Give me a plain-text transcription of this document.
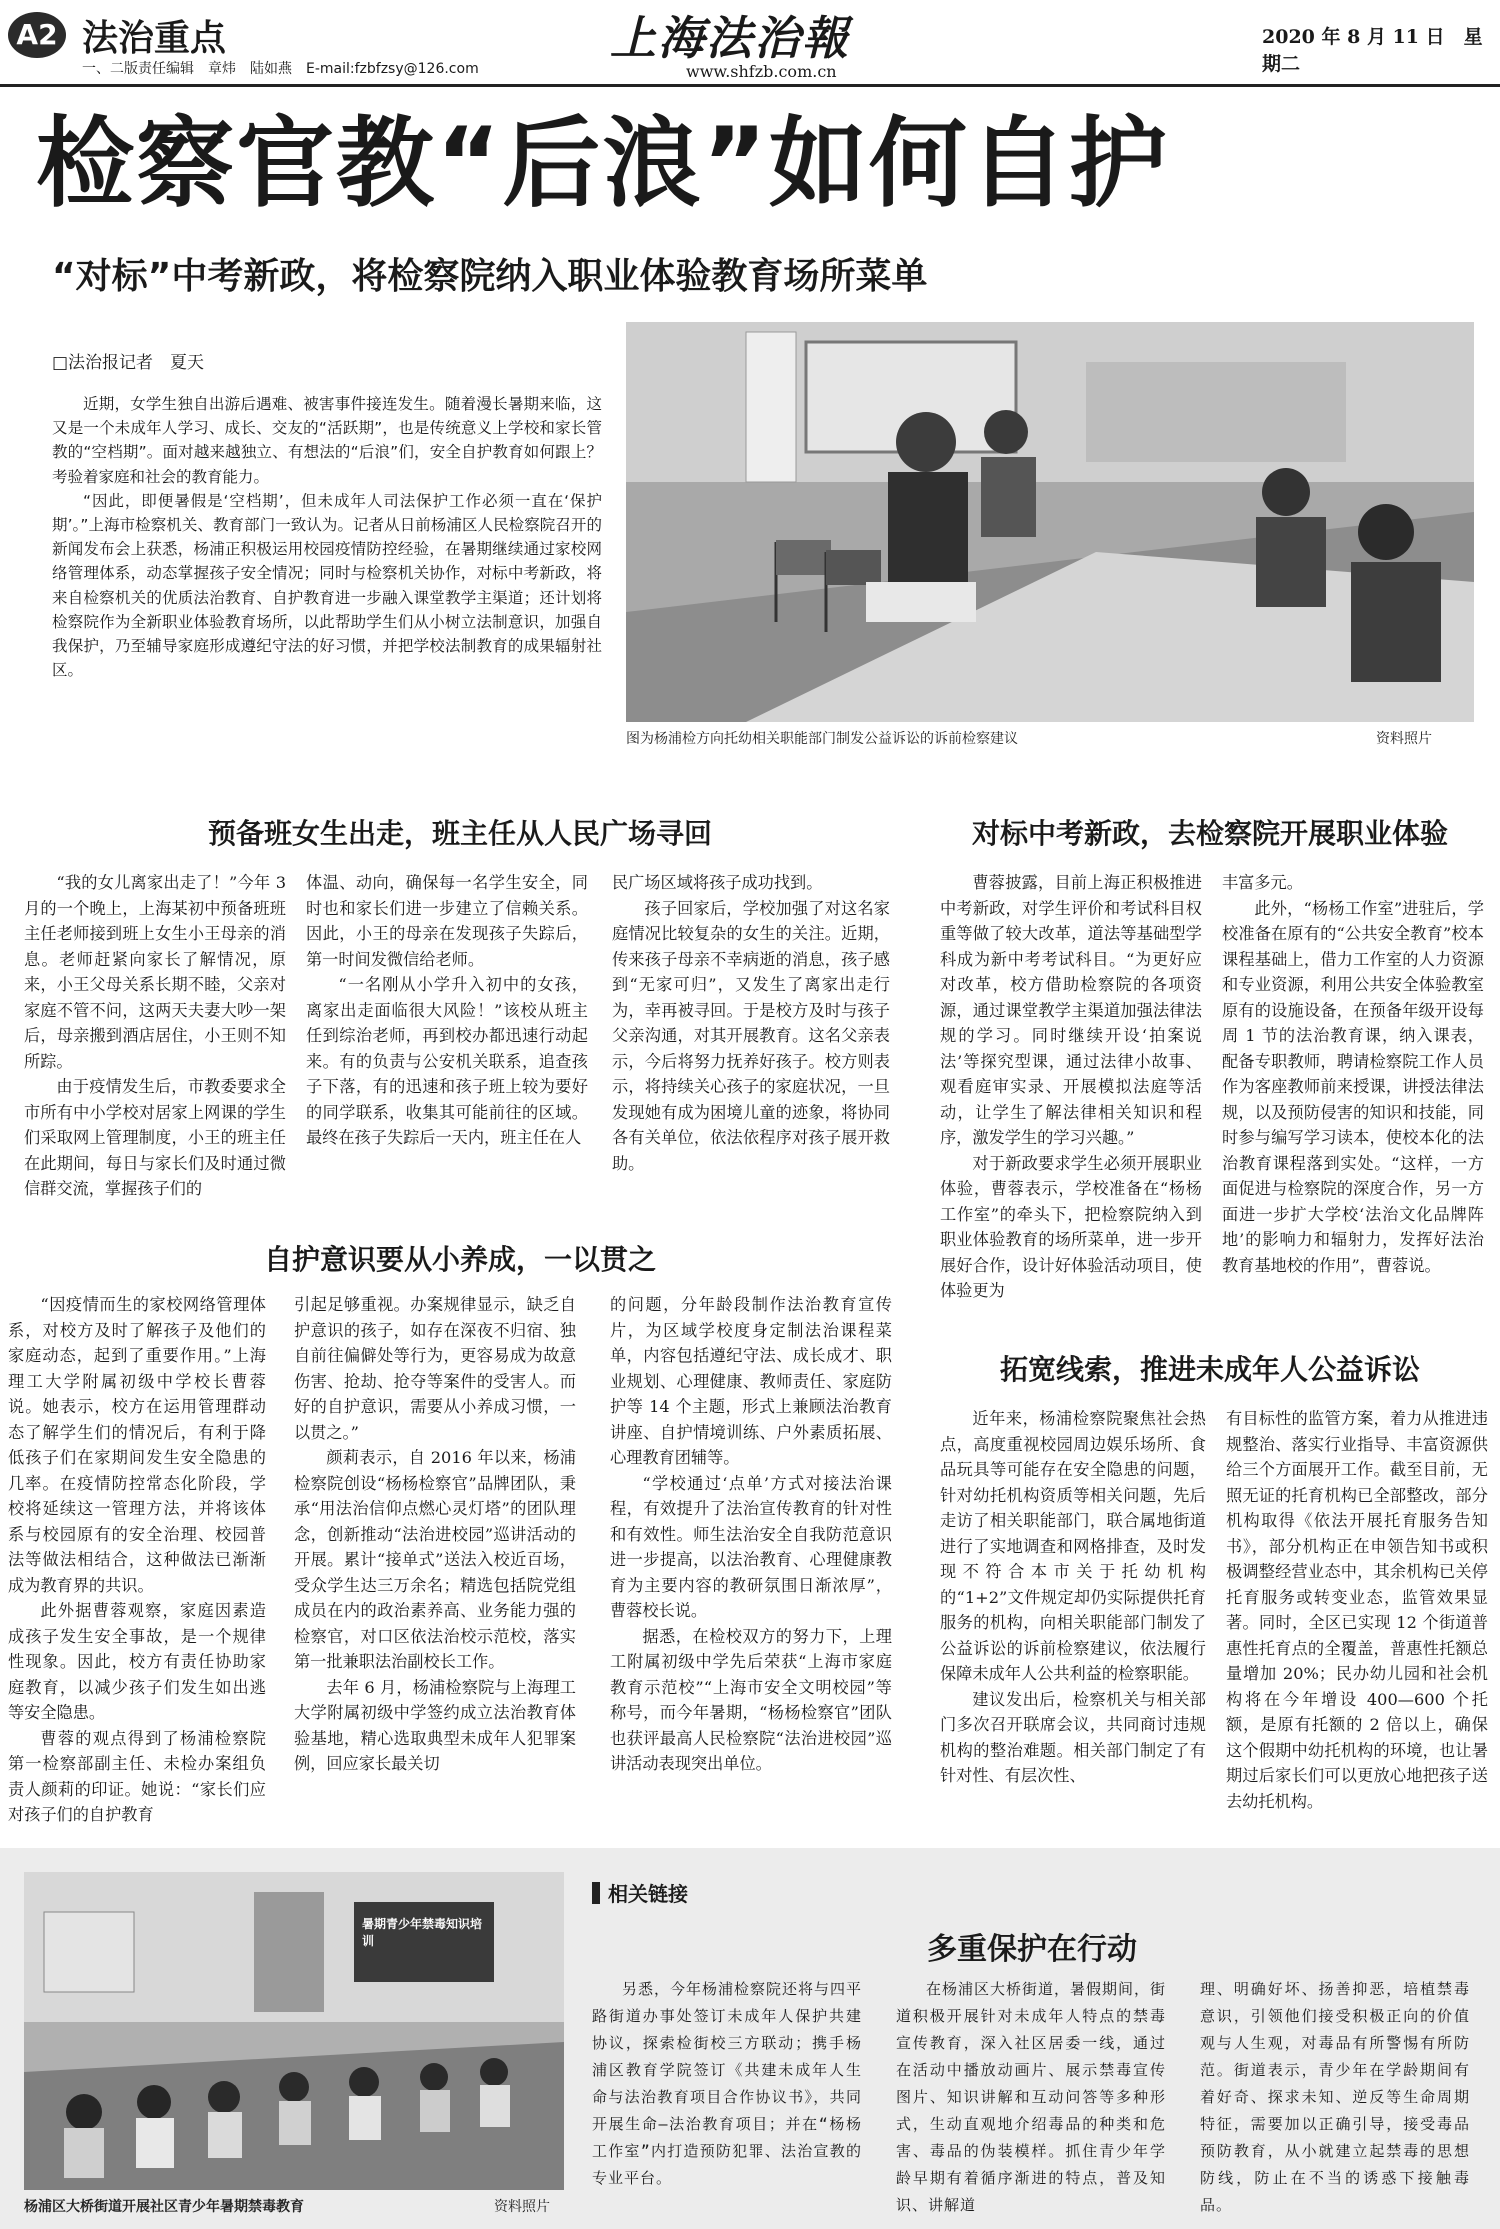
A2 法治重点
一、二版责任编辑　章炜　陆如燕　E-mail:fzbfzsy@126.com
上海法治報
www.shfzb.com.cn
2020 年 8 月 11 日　星期二
检察官教“后浪”如何自护
“对标”中考新政，将检察院纳入职业体验教育场所菜单
□法治报记者　夏天

近期，女学生独自出游后遇难、被害事件接连发生。随着漫长暑期来临，这又是一个未成年人学习、成长、交友的“活跃期”，也是传统意义上学校和家长管教的“空档期”。面对越来越独立、有想法的“后浪”们，安全自护教育如何跟上？考验着家庭和社会的教育能力。

“因此，即便暑假是‘空档期’，但未成年人司法保护工作必须一直在‘保护期’。”上海市检察机关、教育部门一致认为。记者从日前杨浦区人民检察院召开的新闻发布会上获悉，杨浦正积极运用校园疫情防控经验，在暑期继续通过家校网络管理体系，动态掌握孩子安全情况；同时与检察机关协作，对标中考新政，将来自检察机关的优质法治教育、自护教育进一步融入课堂教学主渠道；还计划将检察院作为全新职业体验教育场所，以此帮助学生们从小树立法制意识，加强自我保护，乃至辅导家庭形成遵纪守法的好习惯，并把学校法制教育的成果辐射社区。

图为杨浦检方向托幼相关职能部门制发公益诉讼的诉前检察建议	资料照片
预备班女生出走，班主任从人民广场寻回

“我的女儿离家出走了！”今年 3 月的一个晚上，上海某初中预备班班主任老师接到班上女生小王母亲的消息。老师赶紧向家长了解情况，原来，小王父母关系长期不睦，父亲对家庭不管不问，这两天夫妻大吵一架后，母亲搬到酒店居住，小王则不知所踪。

由于疫情发生后，市教委要求全市所有中小学校对居家上网课的学生们采取网上管理制度，小王的班主任在此期间，每日与家长们及时通过微信群交流，掌握孩子们的

体温、动向，确保每一名学生安全，同时也和家长们进一步建立了信赖关系。因此，小王的母亲在发现孩子失踪后，第一时间发微信给老师。

“一名刚从小学升入初中的女孩，离家出走面临很大风险！”该校从班主任到综治老师，再到校办都迅速行动起来。有的负责与公安机关联系，追查孩子下落，有的迅速和孩子班上较为要好的同学联系，收集其可能前往的区域。最终在孩子失踪后一天内，班主任在人

民广场区域将孩子成功找到。

孩子回家后，学校加强了对这名家庭情况比较复杂的女生的关注。近期，传来孩子母亲不幸病逝的消息，孩子感到“无家可归”，又发生了离家出走行为，幸再被寻回。于是校方及时与孩子父亲沟通，对其开展教育。这名父亲表示，今后将努力抚养好孩子。校方则表示，将持续关心孩子的家庭状况，一旦发现她有成为困境儿童的迹象，将协同各有关单位，依法依程序对孩子展开救助。

对标中考新政，去检察院开展职业体验

曹蓉披露，目前上海正积极推进中考新政，对学生评价和考试科目权重等做了较大改革，道法等基础型学科成为新中考考试科目。“为更好应对改革，校方借助检察院的各项资源，通过课堂教学主渠道加强法律法规的学习。同时继续开设‘拍案说法’等探究型课，通过法律小故事、观看庭审实录、开展模拟法庭等活动，让学生了解法律相关知识和程序，激发学生的学习兴趣。”

对于新政要求学生必须开展职业体验，曹蓉表示，学校准备在“杨杨工作室”的牵头下，把检察院纳入到职业体验教育的场所菜单，进一步开展好合作，设计好体验活动项目，使体验更为

丰富多元。

此外，“杨杨工作室”进驻后，学校准备在原有的“公共安全教育”校本课程基础上，借力工作室的人力资源和专业资源，利用公共安全体验教室原有的设施设备，在预备年级开设每周 1 节的法治教育课，纳入课表，配备专职教师，聘请检察院工作人员作为客座教师前来授课，讲授法律法规，以及预防侵害的知识和技能，同时参与编写学习读本，使校本化的法治教育课程落到实处。“这样，一方面促进与检察院的深度合作，另一方面进一步扩大学校‘法治文化品牌阵地’的影响力和辐射力，发挥好法治教育基地校的作用”，曹蓉说。

自护意识要从小养成，一以贯之

“因疫情而生的家校网络管理体系，对校方及时了解孩子及他们的家庭动态，起到了重要作用。”上海理工大学附属初级中学校长曹蓉说。她表示，校方在运用管理群动态了解学生们的情况后，有利于降低孩子们在家期间发生安全隐患的几率。在疫情防控常态化阶段，学校将延续这一管理方法，并将该体系与校园原有的安全治理、校园普法等做法相结合，这种做法已渐渐成为教育界的共识。

此外据曹蓉观察，家庭因素造成孩子发生安全事故，是一个规律性现象。因此，校方有责任协助家庭教育，以减少孩子们发生如出逃等安全隐患。

曹蓉的观点得到了杨浦检察院第一检察部副主任、未检办案组负责人颜莉的印证。她说：“家长们应对孩子们的自护教育

引起足够重视。办案规律显示，缺乏自护意识的孩子，如存在深夜不归宿、独自前往偏僻处等行为，更容易成为故意伤害、抢劫、抢夺等案件的受害人。而好的自护意识，需要从小养成习惯，一以贯之。”

颜莉表示，自 2016 年以来，杨浦检察院创设“杨杨检察官”品牌团队，秉承“用法治信仰点燃心灵灯塔”的团队理念，创新推动“法治进校园”巡讲活动的开展。累计“接单式”送法入校近百场，受众学生达三万余名；精选包括院党组成员在内的政治素养高、业务能力强的检察官，对口区依法治校示范校，落实第一批兼职法治副校长工作。

去年 6 月，杨浦检察院与上海理工大学附属初级中学签约成立法治教育体验基地，精心选取典型未成年人犯罪案例，回应家长最关切

的问题，分年龄段制作法治教育宣传片，为区域学校度身定制法治课程菜单，内容包括遵纪守法、成长成才、职业规划、心理健康、教师责任、家庭防护等 14 个主题，形式上兼顾法治教育讲座、自护情境训练、户外素质拓展、心理教育团辅等。

“学校通过‘点单’方式对接法治课程，有效提升了法治宣传教育的针对性和有效性。师生法治安全自我防范意识进一步提高，以法治教育、心理健康教育为主要内容的教研氛围日渐浓厚”，曹蓉校长说。

据悉，在检校双方的努力下，上理工附属初级中学先后荣获“上海市家庭教育示范校”“上海市安全文明校园”等称号，而今年暑期，“杨杨检察官”团队也获评最高人民检察院“法治进校园”巡讲活动表现突出单位。

拓宽线索，推进未成年人公益诉讼

近年来，杨浦检察院聚焦社会热点，高度重视校园周边娱乐场所、食品玩具等可能存在安全隐患的问题，针对幼托机构资质等相关问题，先后走访了相关职能部门，联合属地街道进行了实地调查和网格排查，及时发现不符合本市关于托幼机构的“1+2”文件规定却仍实际提供托育服务的机构，向相关职能部门制发了公益诉讼的诉前检察建议，依法履行保障未成年人公共利益的检察职能。

建议发出后，检察机关与相关部门多次召开联席会议，共同商讨违规机构的整治难题。相关部门制定了有针对性、有层次性、

有目标性的监管方案，着力从推进违规整治、落实行业指导、丰富资源供给三个方面展开工作。截至目前，无照无证的托育机构已全部整改，部分机构取得《依法开展托育服务告知书》，部分机构正在申领告知书或积极调整经营业态中，其余机构已关停托育服务或转变业态，监管效果显著。同时，全区已实现 12 个街道普惠性托育点的全覆盖，普惠性托额总量增加 20%；民办幼儿园和社会机构将在今年增设 400—600 个托额，是原有托额的 2 倍以上，确保这个假期中幼托机构的环境，也让暑期过后家长们可以更放心地把孩子送去幼托机构。

暑期青少年禁毒知识培训
杨浦区大桥街道开展社区青少年暑期禁毒教育	资料照片
相关链接
多重保护在行动

另悉，今年杨浦检察院还将与四平路街道办事处签订未成年人保护共建协议，探索检街校三方联动；携手杨浦区教育学院签订《共建未成年人生命与法治教育项目合作协议书》，共同开展生命—法治教育项目；并在“杨杨工作室”内打造预防犯罪、法治宣教的专业平台。

在杨浦区大桥街道，暑假期间，街道积极开展针对未成年人特点的禁毒宣传教育，深入社区居委一线，通过在活动中播放动画片、展示禁毒宣传图片、知识讲解和互动问答等多种形式，生动直观地介绍毒品的种类和危害、毒品的伪装模样。抓住青少年学龄早期有着循序渐进的特点，普及知识、讲解道

理、明确好坏、扬善抑恶，培植禁毒意识，引领他们接受积极正向的价值观与人生观，对毒品有所警惕有所防范。街道表示，青少年在学龄期间有着好奇、探求未知、逆反等生命周期特征，需要加以正确引导，接受毒品预防教育，从小就建立起禁毒的思想防线，防止在不当的诱惑下接触毒品。
